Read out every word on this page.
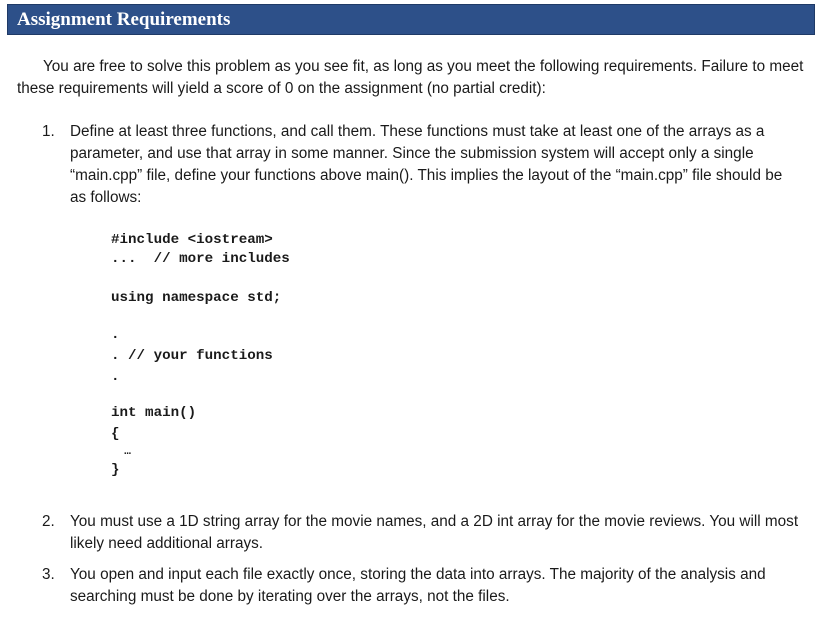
Assignment Requirements

You are free to solve this problem as you see fit, as long as you meet the following requirements. Failure to meet these requirements will yield a score of 0 on the assignment (no partial credit):

1. Define at least three functions, and call them. These functions must take at least one of the arrays as a parameter, and use that array in some manner. Since the submission system will accept only a single “main.cpp” file, define your functions above main(). This implies the layout of the “main.cpp” file should be as follows:

#include <iostream>
...  // more includes
using namespace std;
.
. // your functions
.
int main()
{
…
}
2. You must use a 1D string array for the movie names, and a 2D int array for the movie reviews. You will most likely need additional arrays.

3. You open and input each file exactly once, storing the data into arrays. The majority of the analysis and searching must be done by iterating over the arrays, not the files.
